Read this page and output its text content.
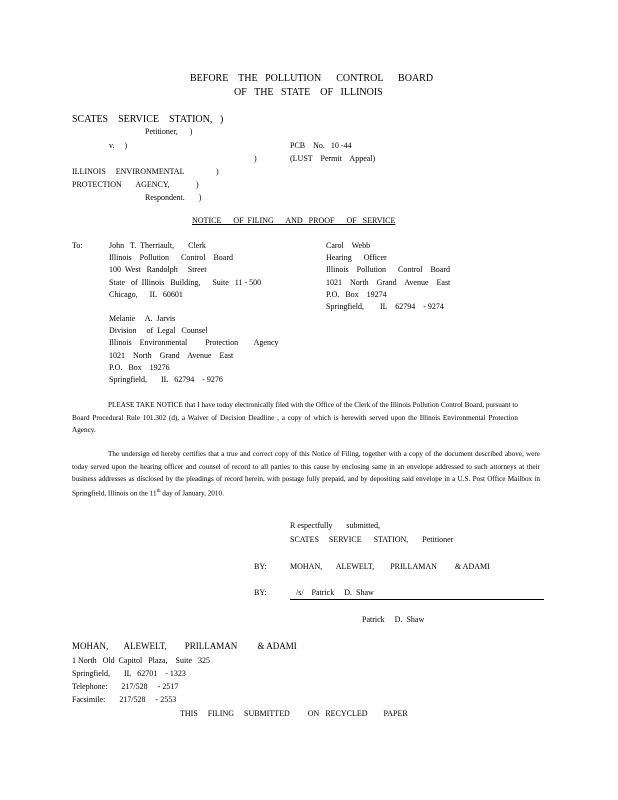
BEFORE    THE   POLLUTION      CONTROL      BOARD
OF   THE   STATE    OF   ILLINOIS
SCATES    SERVICE    STATION, )
Petitioner,      )
v.     )	PCB    No.   10 -44
)	(LUST    Permit    Appeal)
ILLINOIS     ENVIRONMENTAL	)
PROTECTION       AGENCY,	)
Respondent.       )
NOTICE      OF  FILING      AND   PROOF      OF   SERVICE
To:	John   T.  Therriault,       Clerk
Illinois    Pollution      Control    Board
100  West   Randolph     Street
State   of  Illinois   Building,      Suite   11 - 500
Chicago,      IL   60601
Carol    Webb
Hearing      Officer
Illinois    Pollution      Control    Board
1021    North    Grand    Avenue    East
P.O.   Box    19274
Springfield,        IL    62794    - 9274
Melanie     A.  Jarvis
Division     of  Legal   Counsel
Illinois    Environmental         Protection        Agency
1021    North    Grand    Avenue    East
P.O.   Box    19276
Springfield,       IL   62794    - 9276
PLEASE TAKE NOTICE that I have today electronically filed with the Office of the Clerk of the Illinois Pollution Control Board, pursuant to Board Procedural Rule 101.302 (d), a Waiver of Decision Deadline , a copy of which is herewith served upon the Illinois Environmental Protection Agency.
The undersign ed hereby certifies that a true and correct copy of this Notice of Filing, together with a copy of the document described above, were today served upon the hearing officer and counsel of record to all parties to this cause by enclosing same in an envelope addressed to such attorneys at their business addresses as disclosed by the pleadings of record herein, with postage fully prepaid, and by depositing said envelope in a U.S. Post Office Mailbox in Springfield, Illinois on the 11th day of January, 2010.
R espectfully       submitted,
SCATES     SERVICE      STATION,       Petitioner
BY:	MOHAN,       ALEWELT,        PRILLAMAN         & ADAMI
BY:	/s/    Patrick     D.  Shaw
Patrick     D.  Shaw
MOHAN,       ALEWELT,        PRILLAMAN         & ADAMI
1 North   Old  Capitol   Plaza,    Suite   325
Springfield,       IL   62701    - 1323
Telephone:       217/528     - 2517
Facsimile:       217/528     - 2553
THIS     FILING     SUBMITTED         ON   RECYCLED        PAPER
